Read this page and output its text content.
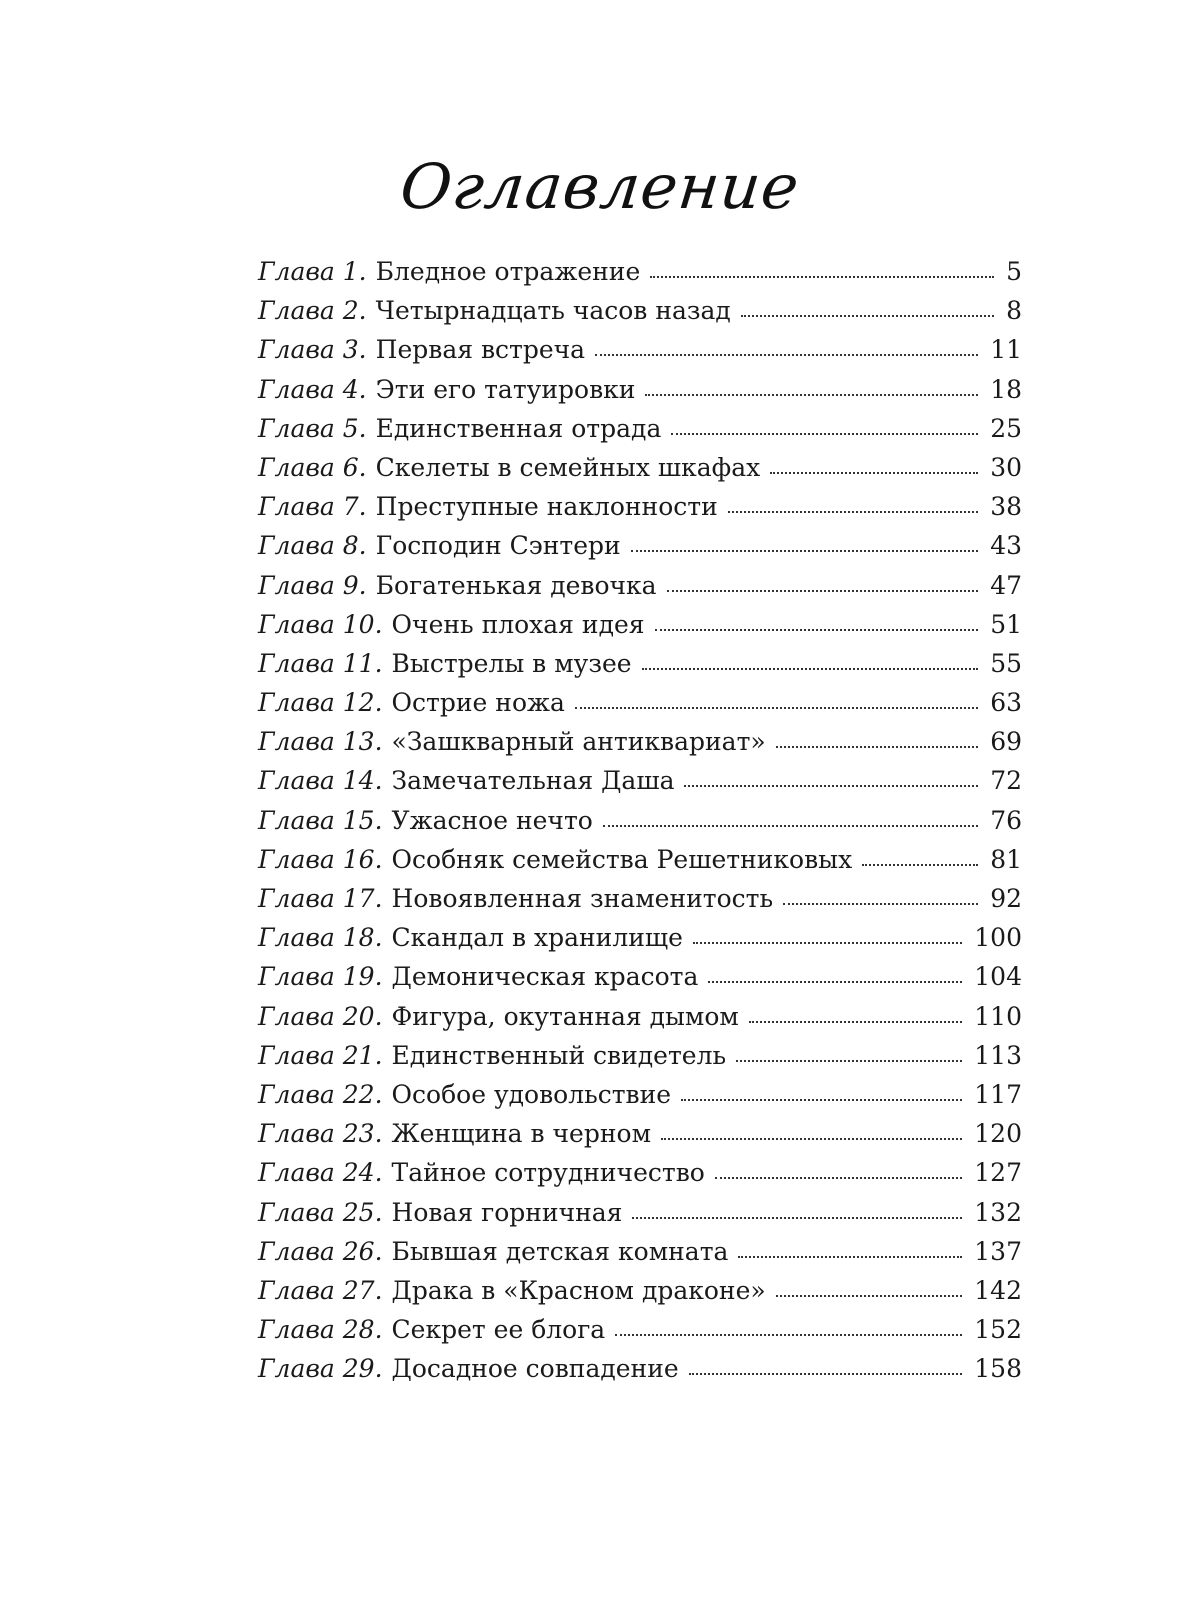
Оглавление
Глава 1. Бледное отражение	5
Глава 2. Четырнадцать часов назад	8
Глава 3. Первая встреча	11
Глава 4. Эти его татуировки	18
Глава 5. Единственная отрада	25
Глава 6. Скелеты в семейных шкафах	30
Глава 7. Преступные наклонности	38
Глава 8. Господин Сэнтери	43
Глава 9. Богатенькая девочка	47
Глава 10. Очень плохая идея	51
Глава 11. Выстрелы в музее	55
Глава 12. Острие ножа	63
Глава 13. «Зашкварный антиквариат»	69
Глава 14. Замечательная Даша	72
Глава 15. Ужасное нечто	76
Глава 16. Особняк семейства Решетниковых	81
Глава 17. Новоявленная знаменитость	92
Глава 18. Скандал в хранилище	100
Глава 19. Демоническая красота	104
Глава 20. Фигура, окутанная дымом	110
Глава 21. Единственный свидетель	113
Глава 22. Особое удовольствие	117
Глава 23. Женщина в черном	120
Глава 24. Тайное сотрудничество	127
Глава 25. Новая горничная	132
Глава 26. Бывшая детская комната	137
Глава 27. Драка в «Красном драконе»	142
Глава 28. Секрет ее блога	152
Глава 29. Досадное совпадение	158
